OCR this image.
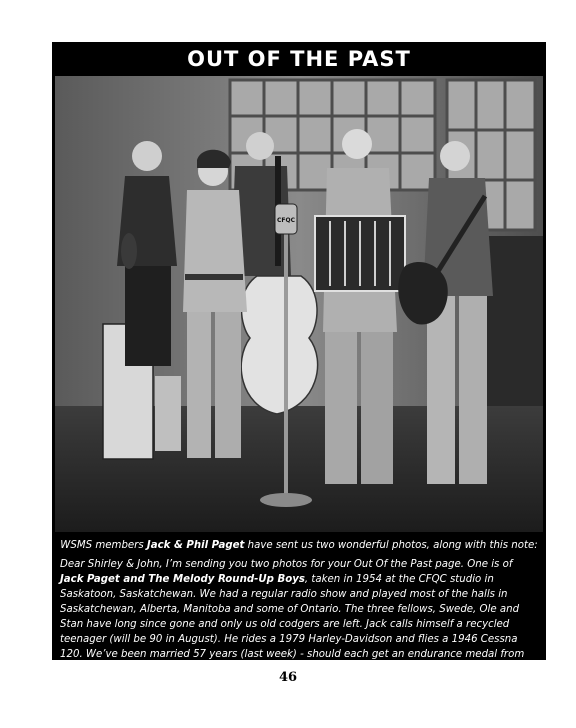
OUT OF THE PAST
CFQC

WSMS members Jack & Phil Paget have sent us two wonderful photos, along with this note:

Dear Shirley & John, I’m sending you two photos for your Out Of the Past page. One is of Jack Paget and The Melody Round-Up Boys, taken in 1954 at the CFQC studio in Saskatoon, Saskatchewan. We had a regular radio show and played most of the halls in Saskatchewan, Alberta, Manitoba and some of Ontario. The three fellows, Swede, Ole and Stan have long since gone and only us old codgers are left. Jack calls himself a recycled teenager (will be 90 in August). He rides a 1979 Harley-Davidson and flies a 1946 Cessna 120. We’ve been married 57 years (last week) - should each get an endurance medal from the Mayor or someone!

The other photo is of the Sons of the Sage, a band that played out of CHAB, Moose Jaw, Sask. Danny Romaniuk (violinist), used to write to me (before I was married) when I lived at Fox

46
